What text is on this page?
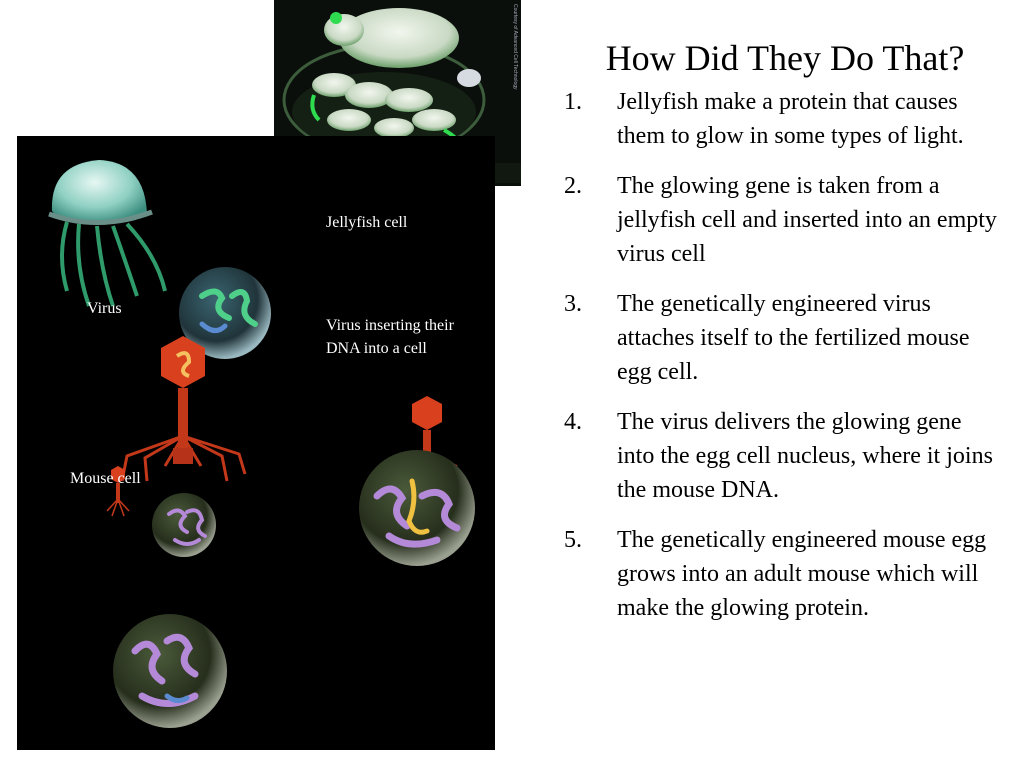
Courtesy of Advanced Cell Technology
Jellyfish cell
Virus
Virus inserting their DNA into a cell
Mouse cell
How Did They Do That?
1. Jellyfish make a protein that causes them to glow in some types of light.
2. The glowing gene is taken from a jellyfish cell and inserted into an empty virus cell
3. The genetically engineered virus attaches itself to the fertilized mouse egg cell.
4. The virus delivers the glowing gene into the egg cell nucleus, where it joins the mouse DNA.
5. The genetically engineered mouse egg grows into an adult mouse which will make the glowing protein.
